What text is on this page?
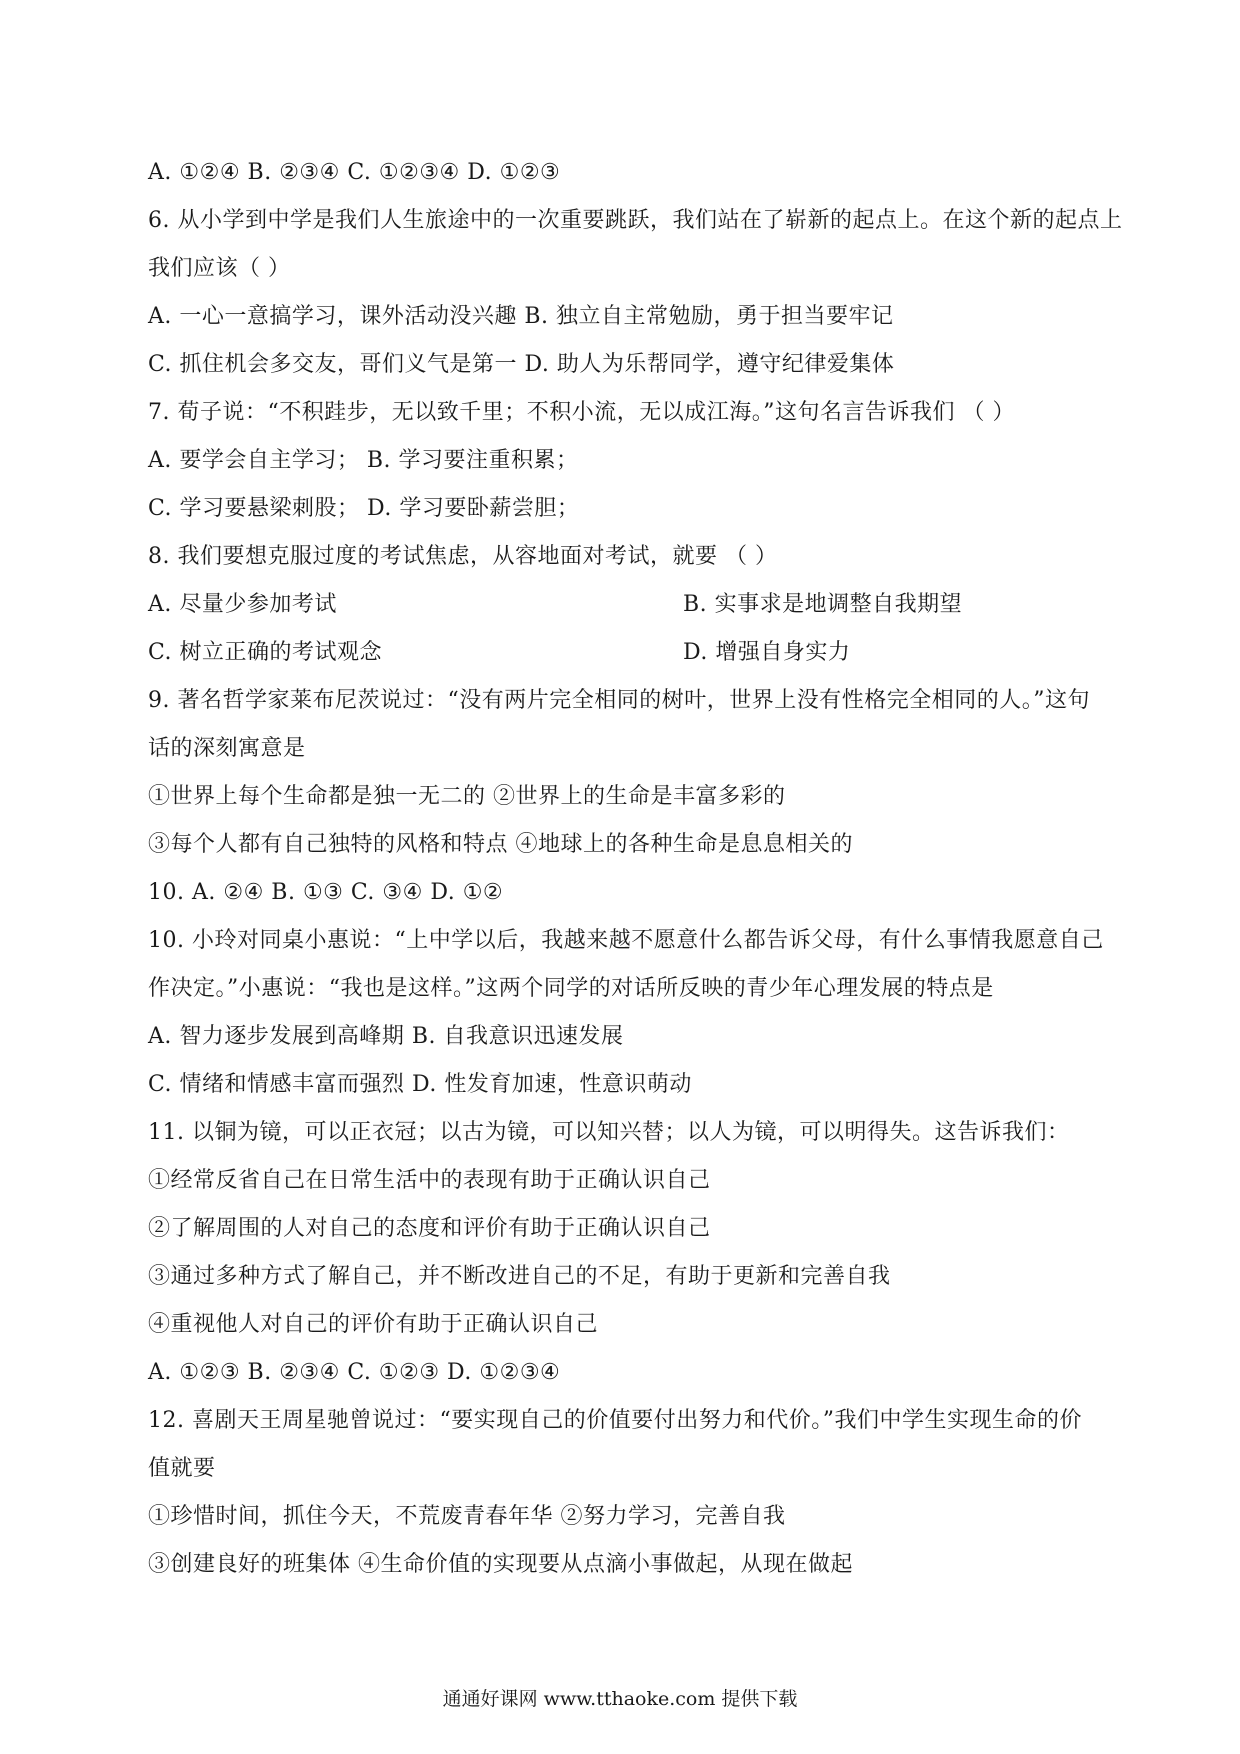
A. ①②④ B. ②③④ C. ①②③④ D. ①②③
6. 从小学到中学是我们人生旅途中的一次重要跳跃，我们站在了崭新的起点上。在这个新的起点上
我们应该（ ）
A. 一心一意搞学习，课外活动没兴趣 B. 独立自主常勉励，勇于担当要牢记
C. 抓住机会多交友，哥们义气是第一 D. 助人为乐帮同学，遵守纪律爱集体
7. 荀子说：“不积跬步，无以致千里；不积小流，无以成江海。”这句名言告诉我们 （ ）
A. 要学会自主学习； B. 学习要注重积累；
C. 学习要悬梁刺股； D. 学习要卧薪尝胆；
8. 我们要想克服过度的考试焦虑，从容地面对考试，就要 （ ）
A. 尽量少参加考试	B. 实事求是地调整自我期望
C. 树立正确的考试观念	D. 增强自身实力
9. 著名哲学家莱布尼茨说过：“没有两片完全相同的树叶，世界上没有性格完全相同的人。”这句
话的深刻寓意是
①世界上每个生命都是独一无二的 ②世界上的生命是丰富多彩的
③每个人都有自己独特的风格和特点 ④地球上的各种生命是息息相关的
10. A. ②④ B. ①③ C. ③④ D. ①②
10. 小玲对同桌小惠说：“上中学以后，我越来越不愿意什么都告诉父母，有什么事情我愿意自己
作决定。”小惠说：“我也是这样。”这两个同学的对话所反映的青少年心理发展的特点是
A. 智力逐步发展到高峰期 B. 自我意识迅速发展
C. 情绪和情感丰富而强烈 D. 性发育加速，性意识萌动
11. 以铜为镜，可以正衣冠；以古为镜，可以知兴替；以人为镜，可以明得失。这告诉我们：
①经常反省自己在日常生活中的表现有助于正确认识自己
②了解周围的人对自己的态度和评价有助于正确认识自己
③通过多种方式了解自己，并不断改进自己的不足，有助于更新和完善自我
④重视他人对自己的评价有助于正确认识自己
A. ①②③ B. ②③④ C. ①②③ D. ①②③④
12. 喜剧天王周星驰曾说过：“要实现自己的价值要付出努力和代价。”我们中学生实现生命的价
值就要
①珍惜时间，抓住今天，不荒废青春年华 ②努力学习，完善自我
③创建良好的班集体 ④生命价值的实现要从点滴小事做起，从现在做起
通通好课网 www.tthaoke.com 提供下载
